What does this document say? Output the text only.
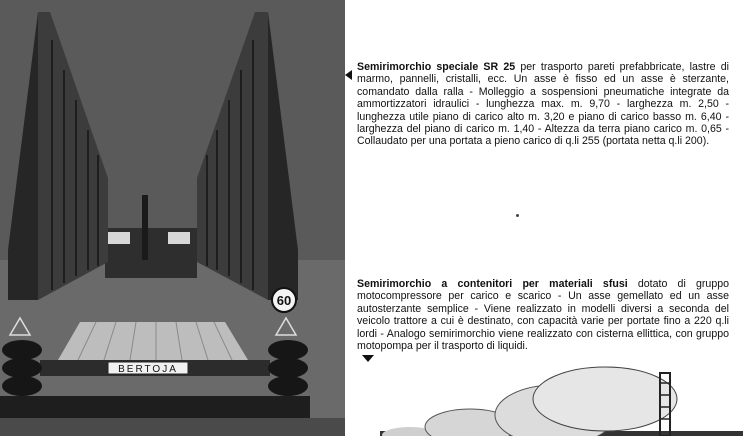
BERTOJA
60
Semirimorchio speciale SR 25 per trasporto pareti prefabbricate, lastre di marmo, pannelli, cristalli, ecc. Un asse è fisso ed un asse è sterzante, comandato dalla ralla - Molleggio a sospensioni pneumatiche integrate da ammortizzatori idraulici - lunghezza max. m. 9,70 - larghezza m. 2,50 - lunghezza utile piano di carico alto m. 3,20 e piano di carico basso m. 6,40 - larghezza del piano di carico m. 1,40 - Altezza da terra piano carico m. 0,65 - Collaudato per una portata a pieno carico di q.li 255 (portata netta q.li 200).
Semirimorchio a contenitori per materiali sfusi dotato di gruppo motocompressore per carico e scarico - Un asse gemellato ed un asse autosterzante semplice - Viene realizzato in modelli diversi a seconda del veicolo trattore a cui è destinato, con capacità varie per portate fino a 220 q.li lordi - Analogo semirimorchio viene realizzato con cisterna ellittica, con gruppo motopompa per il trasporto di liquidi.
